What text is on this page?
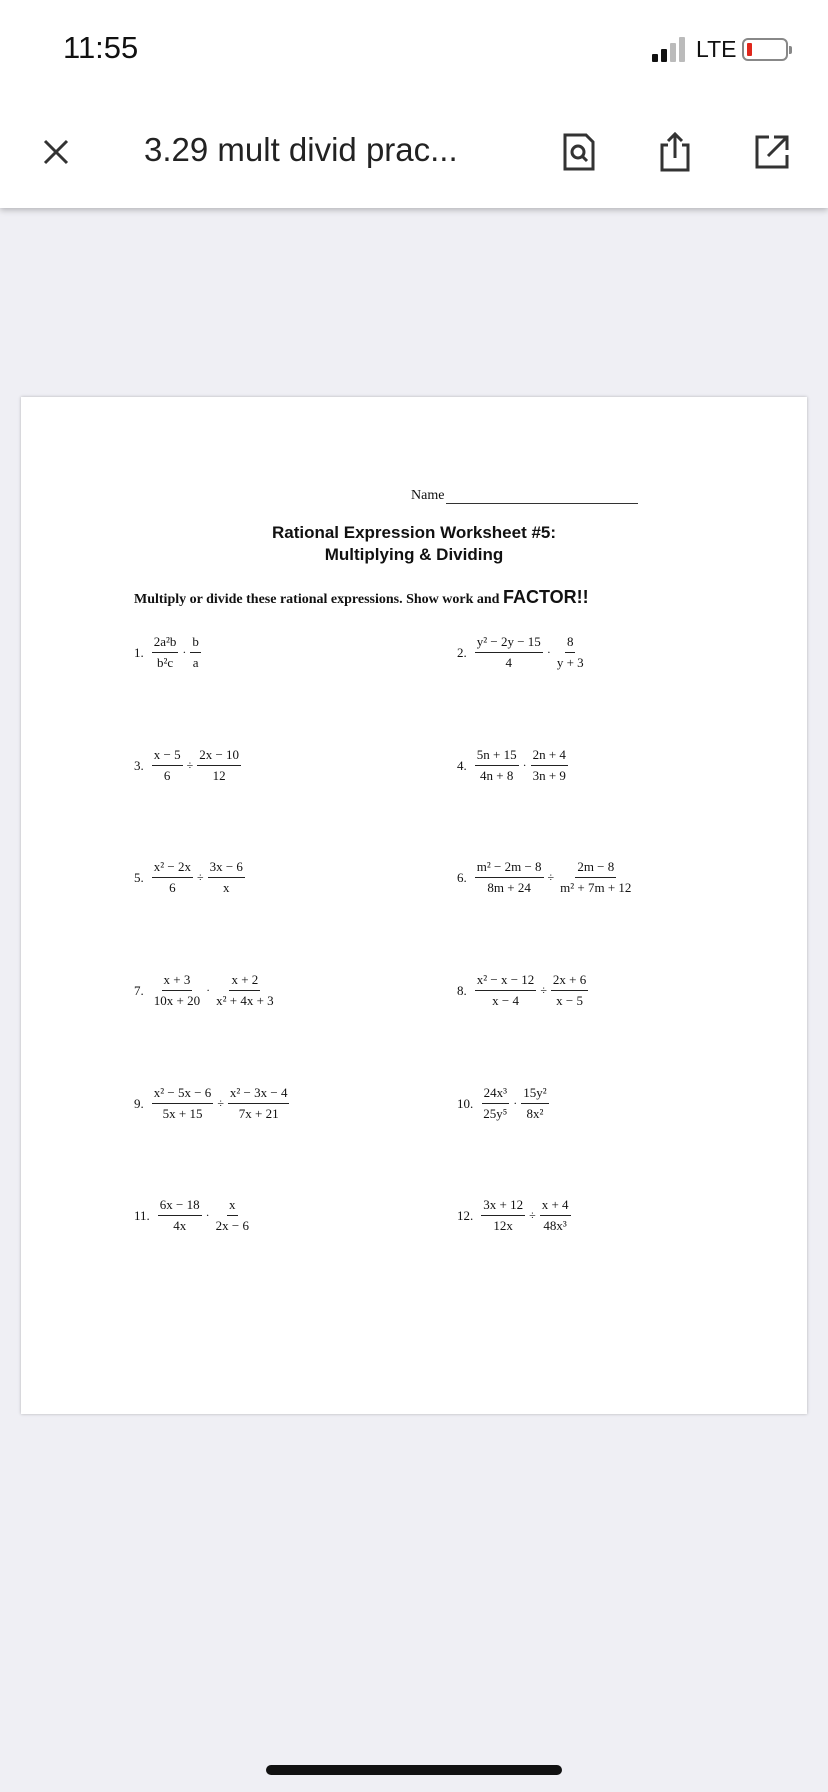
11:55	LTE
3.29 mult divid prac...
Name
Rational Expression Worksheet #5:
Multiplying & Dividing
Multiply or divide these rational expressions. Show work and FACTOR!!
1. $\frac{\text{2a²b}}{\text{b²c}} \cdot \frac{b}{a}$	2. $\frac{\text{y² − 2y − 15}}{4} \cdot \frac{8}{y + 3}$
3. $\frac{x - 5}{6} \div \frac{2x - 10}{12}$	4. $\frac{5n + 15}{4n + 8} \cdot \frac{2n + 4}{3n + 9}$
5. $\frac{\text{x² − 2x}}{6} \div \frac{3x - 6}{x}$	6. $\frac{\text{m² − 2m − 8}}{8m + 24} \div \frac{2m - 8}{\text{m² + 7m + 12}}$
7. $\frac{x + 3}{10x + 20} \cdot \frac{x + 2}{\text{x² + 4x + 3}}$	8. $\frac{\text{x² − x − 12}}{x - 4} \div \frac{2x + 6}{x - 5}$
9. $\frac{\text{x² − 5x − 6}}{5x + 15} \div \frac{\text{x² − 3x − 4}}{7x + 21}$	10. $\frac{\text{24x³}}{\text{25y⁵}} \cdot \frac{\text{15y²}}{\text{8x²}}$
11. $\frac{6x - 18}{4x} \cdot \frac{x}{2x - 6}$	12. $\frac{3x + 12}{12x} \div \frac{x + 4}{\text{48x³}}$
